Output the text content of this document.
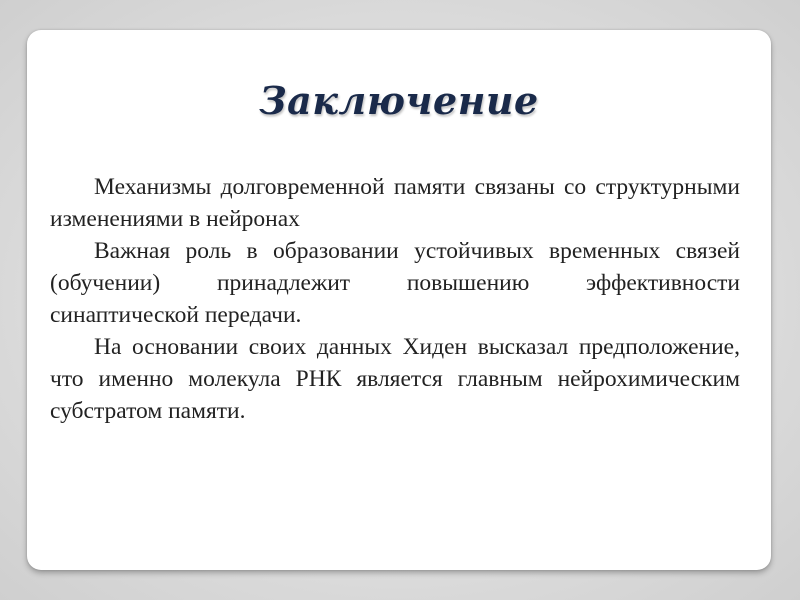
Заключение

Механизмы долговременной памяти связаны со структурными изменениями в нейронах

Важная роль в образовании устойчивых временных связей (обучении) принадлежит повышению эффективности синаптической передачи.

На основании своих данных Хиден высказал предположение, что именно молекула РНК является главным нейрохимическим субстратом памяти.
